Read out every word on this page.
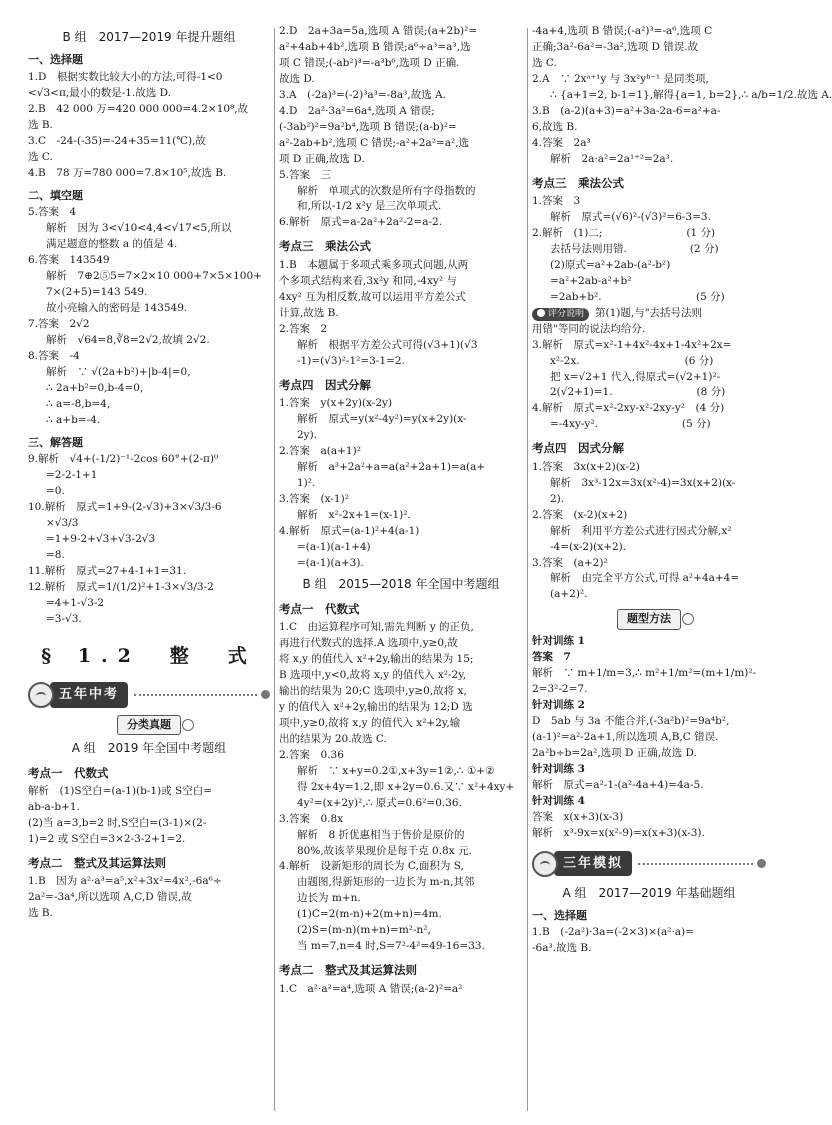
B 组　2017—2019 年提升题组
一、选择题
1.D　根据实数比较大小的方法,可得-1<0
<√3<π,最小的数是-1.故选 D.
2.B　42 000 万=420 000 000=4.2×10⁸,故
选 B.
3.C　-24-(-35)=-24+35=11(℃),故
选 C.
4.B　78 万=780 000=7.8×10⁵,故选 B.
二、填空题
5.答案　4
解析　因为 3<√10<4,4<√17<5,所以
满足题意的整数 a 的值是 4.
6.答案　143549
解析　7⊕2⑤5=7×2×10 000+7×5×100+
7×(2+5)=143 549.
故小亮输入的密码是 143549.
7.答案　2√2
解析　√64=8,∛8=2√2,故填 2√2.
8.答案　-4
解析　∵ √(2a+b²)+|b-4|=0,
∴ 2a+b²=0,b-4=0,
∴ a=-8,b=4,
∴ a+b=-4.
三、解答题
9.解析　√4+(-1/2)⁻¹-2cos 60°+(2-π)⁰
=2-2-1+1
=0.
10.解析　原式=1+9-(2-√3)+3×√3/3-6
×√3/3
=1+9-2+√3+√3-2√3
=8.
11.解析　原式=27+4-1+1=31.
12.解析　原式=1/(1/2)²+1-3×√3/3-2
=4+1-√3-2
=3-√3.
§ 1.2　整　式
五年中考
分类真题
A 组　2019 年全国中考题组
考点一　代数式
解析　(1)S空白=(a-1)(b-1)或 S空白=
ab-a-b+1.
(2)当 a=3,b=2 时,S空白=(3-1)×(2-
1)=2 或 S空白=3×2-3-2+1=2.
考点二　整式及其运算法则
1.B　因为 a²·a³=a⁵,x²+3x²=4x²,-6a⁶÷
2a²=-3a⁴,所以选项 A,C,D 错误,故
选 B.
2.D　2a+3a=5a,选项 A 错误;(a+2b)²=
a²+4ab+4b²,选项 B 错误;a⁶÷a³=a³,选
项 C 错误;(-ab²)³=-a³b⁶,选项 D 正确.
故选 D.
3.A　(-2a)³=(-2)³a³=-8a³,故选 A.
4.D　2a²·3a²=6a⁴,选项 A 错误;
(-3ab²)²=9a²b⁴,选项 B 错误;(a-b)²=
a²-2ab+b²,选项 C 错误;-a²+2a²=a²,选
项 D 正确,故选 D.
5.答案　三
解析　单项式的次数是所有字母指数的
和,所以-1/2 x²y 是三次单项式.
6.解析　原式=a-2a²+2a²-2=a-2.
考点三　乘法公式
1.B　本题属于多项式乘多项式问题,从两
个多项式结构来看,3x²y 和同,-4xy² 与
4xy² 互为相反数,故可以运用平方差公式
计算,故选 B.
2.答案　2
解析　根据平方差公式可得(√3+1)(√3
-1)=(√3)²-1²=3-1=2.
考点四　因式分解
1.答案　y(x+2y)(x-2y)
解析　原式=y(x²-4y²)=y(x+2y)(x-
2y).
2.答案　a(a+1)²
解析　a³+2a²+a=a(a²+2a+1)=a(a+
1)².
3.答案　(x-1)²
解析　x²-2x+1=(x-1)².
4.解析　原式=(a-1)²+4(a-1)
=(a-1)(a-1+4)
=(a-1)(a+3).
B 组　2015—2018 年全国中考题组
考点一　代数式
1.C　由运算程序可知,需先判断 y 的正负,
再进行代数式的选择.A 选项中,y≥0,故
将 x,y 的值代入 x²+2y,输出的结果为 15;
B 选项中,y<0,故将 x,y 的值代入 x²-2y,
输出的结果为 20;C 选项中,y≥0,故将 x,
y 的值代入 x²+2y,输出的结果为 12;D 选
项中,y≥0,故将 x,y 的值代入 x²+2y,输
出的结果为 20.故选 C.
2.答案　0.36
解析　∵ x+y=0.2①,x+3y=1②,∴ ①+②
得 2x+4y=1.2,即 x+2y=0.6.又∵ x²+4xy+
4y²=(x+2y)²,∴ 原式=0.6²=0.36.
3.答案　0.8x
解析　8 折优惠相当于售价是原价的
80%,故该苹果现价是每千克 0.8x 元.
4.解析　设新矩形的周长为 C,面积为 S,
由题图,得新矩形的一边长为 m-n,其邻
边长为 m+n.
(1)C=2(m-n)+2(m+n)=4m.
(2)S=(m-n)(m+n)=m²-n²,
当 m=7,n=4 时,S=7²-4²=49-16=33.
考点二　整式及其运算法则
1.C　a²·a²=a⁴,选项 A 错误;(a-2)²=a²
-4a+4,选项 B 错误;(-a²)³=-a⁶,选项 C
正确;3a²-6a²=-3a²,选项 D 错误.故
选 C.
2.A　∵ 2xᵃ⁺¹y 与 3x²yᵇ⁻¹ 是同类项,
∴ {a+1=2, b-1=1},解得{a=1, b=2},∴ a/b=1/2.故选 A.
3.B　(a-2)(a+3)=a²+3a-2a-6=a²+a-
6,故选 B.
4.答案　2a³
解析　2a·a²=2a¹⁺²=2a³.
考点三　乘法公式
1.答案　3
解析　原式=(√6)²-(√3)²=6-3=3.
2.解析　(1)二;　　　　　　　　(1 分)
去括号法则用错.　　　　　　(2 分)
(2)原式=a²+2ab-(a²-b²)
=a²+2ab-a²+b²
=2ab+b².　　　　　　　　　(5 分)
评分说明 第(1)题,与"去括号法则
用错"等同的说法均给分.
3.解析　原式=x²-1+4x²-4x+1-4x²+2x=
x²-2x.　　　　　　　　　　(6 分)
把 x=√2+1 代入,得原式=(√2+1)²-
2(√2+1)=1.　　　　　　　　(8 分)
4.解析　原式=x²-2xy-x²-2xy-y²　(4 分)
=-4xy-y².　　　　　　　　(5 分)
考点四　因式分解
1.答案　3x(x+2)(x-2)
解析　3x³-12x=3x(x²-4)=3x(x+2)(x-
2).
2.答案　(x-2)(x+2)
解析　利用平方差公式进行因式分解,x²
-4=(x-2)(x+2).
3.答案　(a+2)²
解析　由完全平方公式,可得 a²+4a+4=
(a+2)².
题型方法
针对训练 1
答案　7
解析　∵ m+1/m=3,∴ m²+1/m²=(m+1/m)²-
2=3²-2=7.
针对训练 2
D　5ab 与 3a 不能合并,(-3a²b)²=9a⁴b²,
(a-1)²=a²-2a+1,所以选项 A,B,C 错误.
2a²b÷b=2a²,选项 D 正确,故选 D.
针对训练 3
解析　原式=a²-1-(a²-4a+4)=4a-5.
针对训练 4
答案　x(x+3)(x-3)
解析　x³-9x=x(x²-9)=x(x+3)(x-3).
三年模拟
A 组　2017—2019 年基础题组
一、选择题
1.B　(-2a²)·3a=(-2×3)×(a²·a)=
-6a³.故选 B.
